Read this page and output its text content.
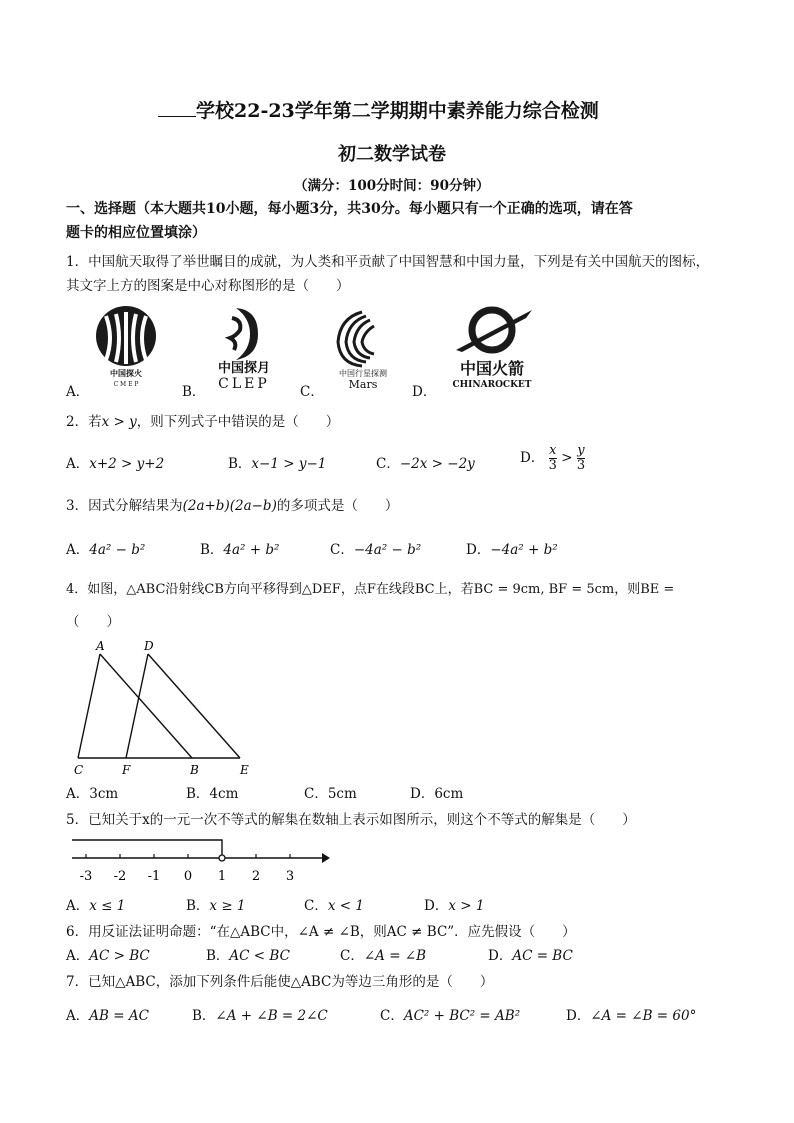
学校22-23学年第二学期期中素养能力综合检测
初二数学试卷
（满分：100分时间：90分钟）
一、选择题（本大题共10小题，每小题3分，共30分。每小题只有一个正确的选项，请在答
题卡的相应位置填涂）
1．中国航天取得了举世瞩目的成就，为人类和平贡献了中国智慧和中国力量，下列是有关中国航天的图标，
其文字上方的图案是中心对称图形的是（　　）
A．	B．	C．	D．
中国探火
C M E P
中国探月
CLEP
中国行星探测
Mars
中国火箭
CHINAROCKET
2．若x > y，则下列式子中错误的是（　　）
A．x+2 > y+2	B．x−1 > y−1	C．−2x > −2y	D． $\frac{x}{3} > \frac{y}{3}$
3．因式分解结果为(2a+b)(2a−b)的多项式是（　　）
A．4a² − b²	B．4a² + b²	C．−4a² − b²	D．−4a² + b²
4．如图，△ABC沿射线CB方向平移得到△DEF，点F在线段BC上，若BC = 9cm, BF = 5cm，则BE =
（　　）
A	D
C	F	B	E
A．3cm	B．4cm	C．5cm	D．6cm
5．已知关于x的一元一次不等式的解集在数轴上表示如图所示，则这个不等式的解集是（　　）
-3 -2 -1 0 1 2 3
A．x ≤ 1	B．x ≥ 1	C．x < 1	D．x > 1
6．用反证法证明命题：“在△ABC中，∠A ≠ ∠B，则AC ≠ BC”．应先假设（　　）
A．AC > BC	B．AC < BC	C．∠A = ∠B	D．AC = BC
7．已知△ABC，添加下列条件后能使△ABC为等边三角形的是（　　）
A．AB = AC	B．∠A + ∠B = 2∠C	C．AC² + BC² = AB²	D．∠A = ∠B = 60°
